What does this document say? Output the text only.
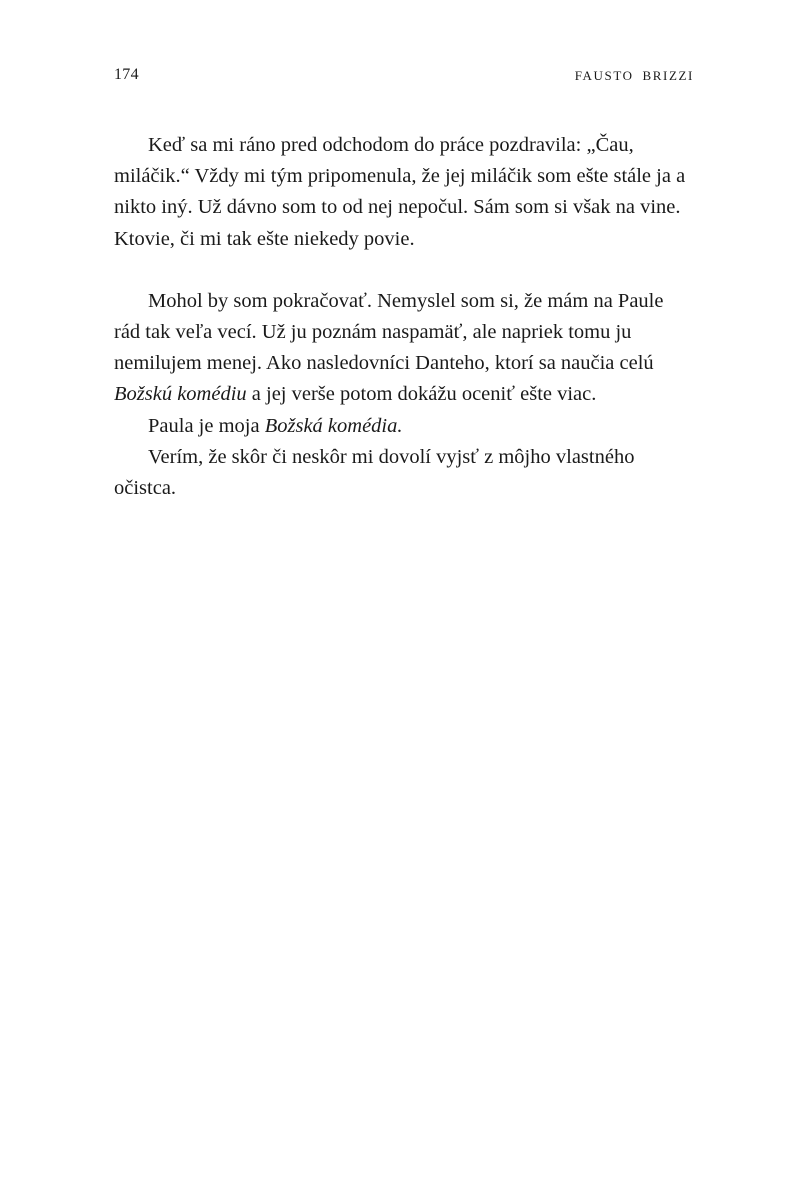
174	FAUSTO BRIZZI

Keď sa mi ráno pred odchodom do práce pozdravila: „Čau, miláčik.“ Vždy mi tým pripomenula, že jej miláčik som ešte stále ja a nikto iný. Už dávno som to od nej nepočul. Sám som si však na vine. Ktovie, či mi tak ešte niekedy povie.

Mohol by som pokračovať. Nemyslel som si, že mám na Paule rád tak veľa vecí. Už ju poznám naspamäť, ale napriek tomu ju nemilujem menej. Ako nasledovníci Danteho, ktorí sa naučia celú Božskú komédiu a jej verše potom dokážu oceniť ešte viac.

Paula je moja Božská komédia.

Verím, že skôr či neskôr mi dovolí vyjsť z môjho vlastného očistca.
